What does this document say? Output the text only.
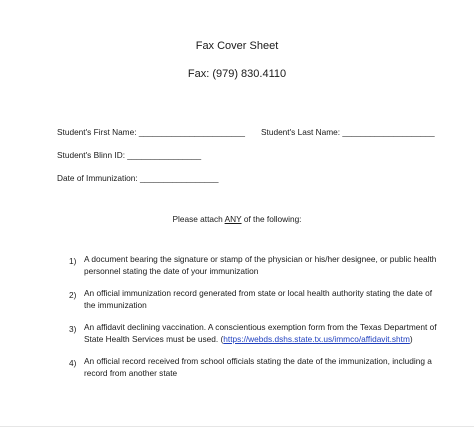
Fax Cover Sheet
Fax: (979) 830.4110
Student's First Name: _______________________ Student's Last Name: ____________________
Student's Blinn ID: ________________
Date of Immunization: _________________
Please attach ANY of the following:
1) A document bearing the signature or stamp of the physician or his/her designee, or public health personnel stating the date of your immunization
2) An official immunization record generated from state or local health authority stating the date of the immunization
3) An affidavit declining vaccination. A conscientious exemption form from the Texas Department of State Health Services must be used. (https://webds.dshs.state.tx.us/immco/affidavit.shtm)
4) An official record received from school officials stating the date of the immunization, including a record from another state
